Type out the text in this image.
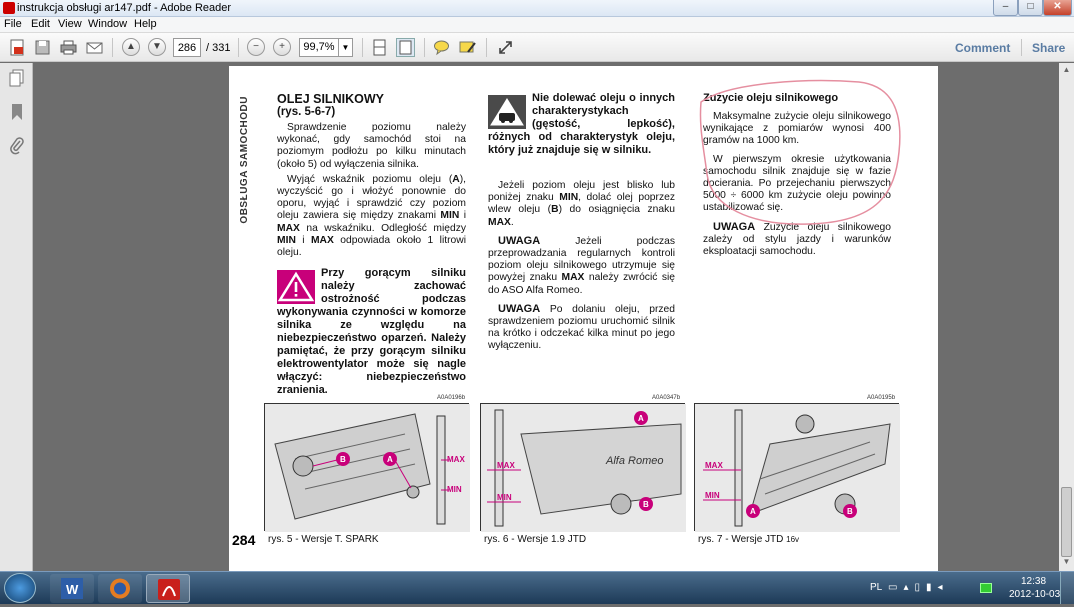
instrukcja obsługi ar147.pdf - Adobe Reader	–	□	✕
File Edit View Window Help
▲	▼
286	/ 331	−	+	99,7% ▼	Comment Share
OBSŁUGA SAMOCHODU OLEJ SILNIKOWY
(rys. 5-6-7)

Sprawdzenie poziomu należy wykonać, gdy samochód stoi na poziomym podłożu po kilku minutach (około 5) od wyłączenia silnika.

Wyjąć wskaźnik poziomu oleju (A), wyczyścić go i włożyć ponownie do oporu, wyjąć i sprawdzić czy poziom oleju zawiera się między znakami MIN i MAX na wskaźniku. Odległość między MIN i MAX odpowiada około 1 litrowi oleju.

Przy gorącym silniku należy zachować ostrożność podczas wykonywania czynności w komorze silnika ze względu na niebezpieczeństwo oparzeń. Należy pamiętać, że przy gorącym silniku elektrowentylator może się nagle włączyć: niebezpieczeństwo zranienia.
Nie dolewać oleju o innych charakterystykach (gęstość, lepkość), różnych od charakterystyk oleju, który już znajduje się w silniku.

Jeżeli poziom oleju jest blisko lub poniżej znaku MIN, dolać olej poprzez wlew oleju (B) do osiągnięcia znaku MAX.

UWAGA Jeżeli podczas przeprowadzania regularnych kontroli poziom oleju silnikowego utrzymuje się powyżej znaku MAX należy zwrócić się do ASO Alfa Romeo.

UWAGA Po dolaniu oleju, przed sprawdzeniem poziomu uruchomić silnik na krótko i odczekać kilka minut po jego wyłączeniu.

Zużycie oleju silnikowego

Maksymalne zużycie oleju silnikowego wynikające z pomiarów wynosi 400 gramów na 1000 km.

W pierwszym okresie użytkowania samochodu silnik znajduje się w fazie docierania. Po przejechaniu pierwszych 5000 ÷ 6000 km zużycie oleju powinno ustabilizować się.

UWAGA Zużycie oleju silnikowego zależy od stylu jazdy i warunków eksploatacji samochodu.

A0A0196b
B	A	MAX
MIN
A0A0347b
Alfa Romeo
MAX
MIN
A
B
A0A0195b
MAX
MIN
A	B
284 rys. 5 - Wersje T. SPARK	rys. 6 - Wersje 1.9 JTD	rys. 7 - Wersje JTD 16v
▲
▼
W	PL ▭▴▯▮◂
12:38
2012-10-03
